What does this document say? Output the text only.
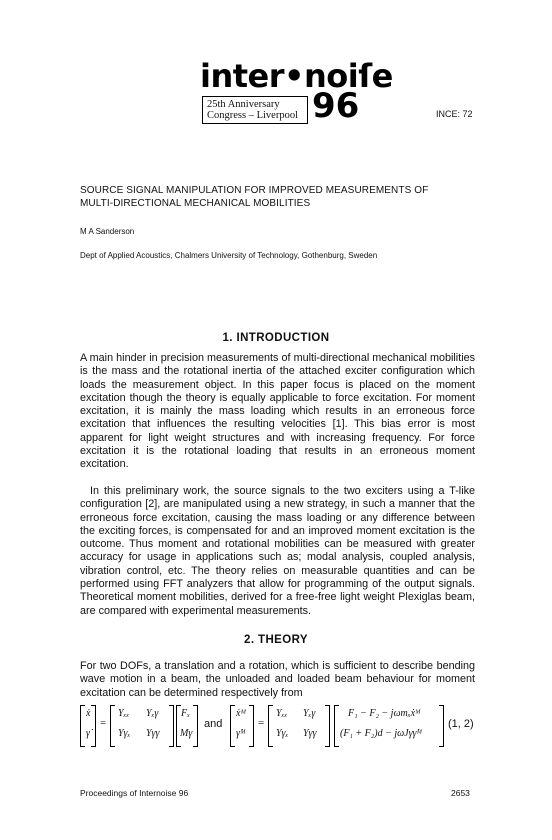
inter•noiſe
25th Anniversary
Congress – Liverpool 96	INCE: 72
SOURCE SIGNAL MANIPULATION FOR IMPROVED MEASUREMENTS OF
MULTI-DIRECTIONAL MECHANICAL MOBILITIES
M A Sanderson
Dept of Applied Acoustics, Chalmers University of Technology, Gothenburg, Sweden
1. INTRODUCTION
A main hinder in precision measurements of multi-directional mechanical mobilities is the mass and the rotational inertia of the attached exciter configuration which loads the measurement object. In this paper focus is placed on the moment excitation though the theory is equally applicable to force excitation. For moment excitation, it is mainly the mass loading which results in an erroneous force excitation that influences the resulting velocities [1]. This bias error is most apparent for light weight structures and with increasing frequency. For force excitation it is the rotational loading that results in an erroneous moment excitation.
In this preliminary work, the source signals to the two exciters using a T-like configuration [2], are manipulated using a new strategy, in such a manner that the erroneous force excitation, causing the mass loading or any difference between the exciting forces, is compensated for and an improved moment excitation is the outcome. Thus moment and rotational mobilities can be measured with greater accuracy for usage in applications such as; modal analysis, coupled analysis, vibration control, etc. The theory relies on measurable quantities and can be performed using FFT analyzers that allow for programming of the output signals. Theoretical moment mobilities, derived for a free-free light weight Plexiglas beam, are compared with experimental measurements.
2. THEORY
For two DOFs, a translation and a rotation, which is sufficient to describe bending wave motion in a beam, the unloaded and loaded beam behaviour for moment excitation can be determined respectively from
ẋ
γ̇
=
Yₓₓ Yₓγ
Yγₓ Yγγ
Fₓ
Mγ
and
ẋᴹ
γ̇ᴹ
=
Yₓₓ Yₓγ
Yγₓ Yγγ
F₁ − F₂ − jωmₓẋᴹ
(F₁ + F₂)d − jωJγγ̇ᴹ
(1, 2)
Proceedings of Internoise 96	2653
